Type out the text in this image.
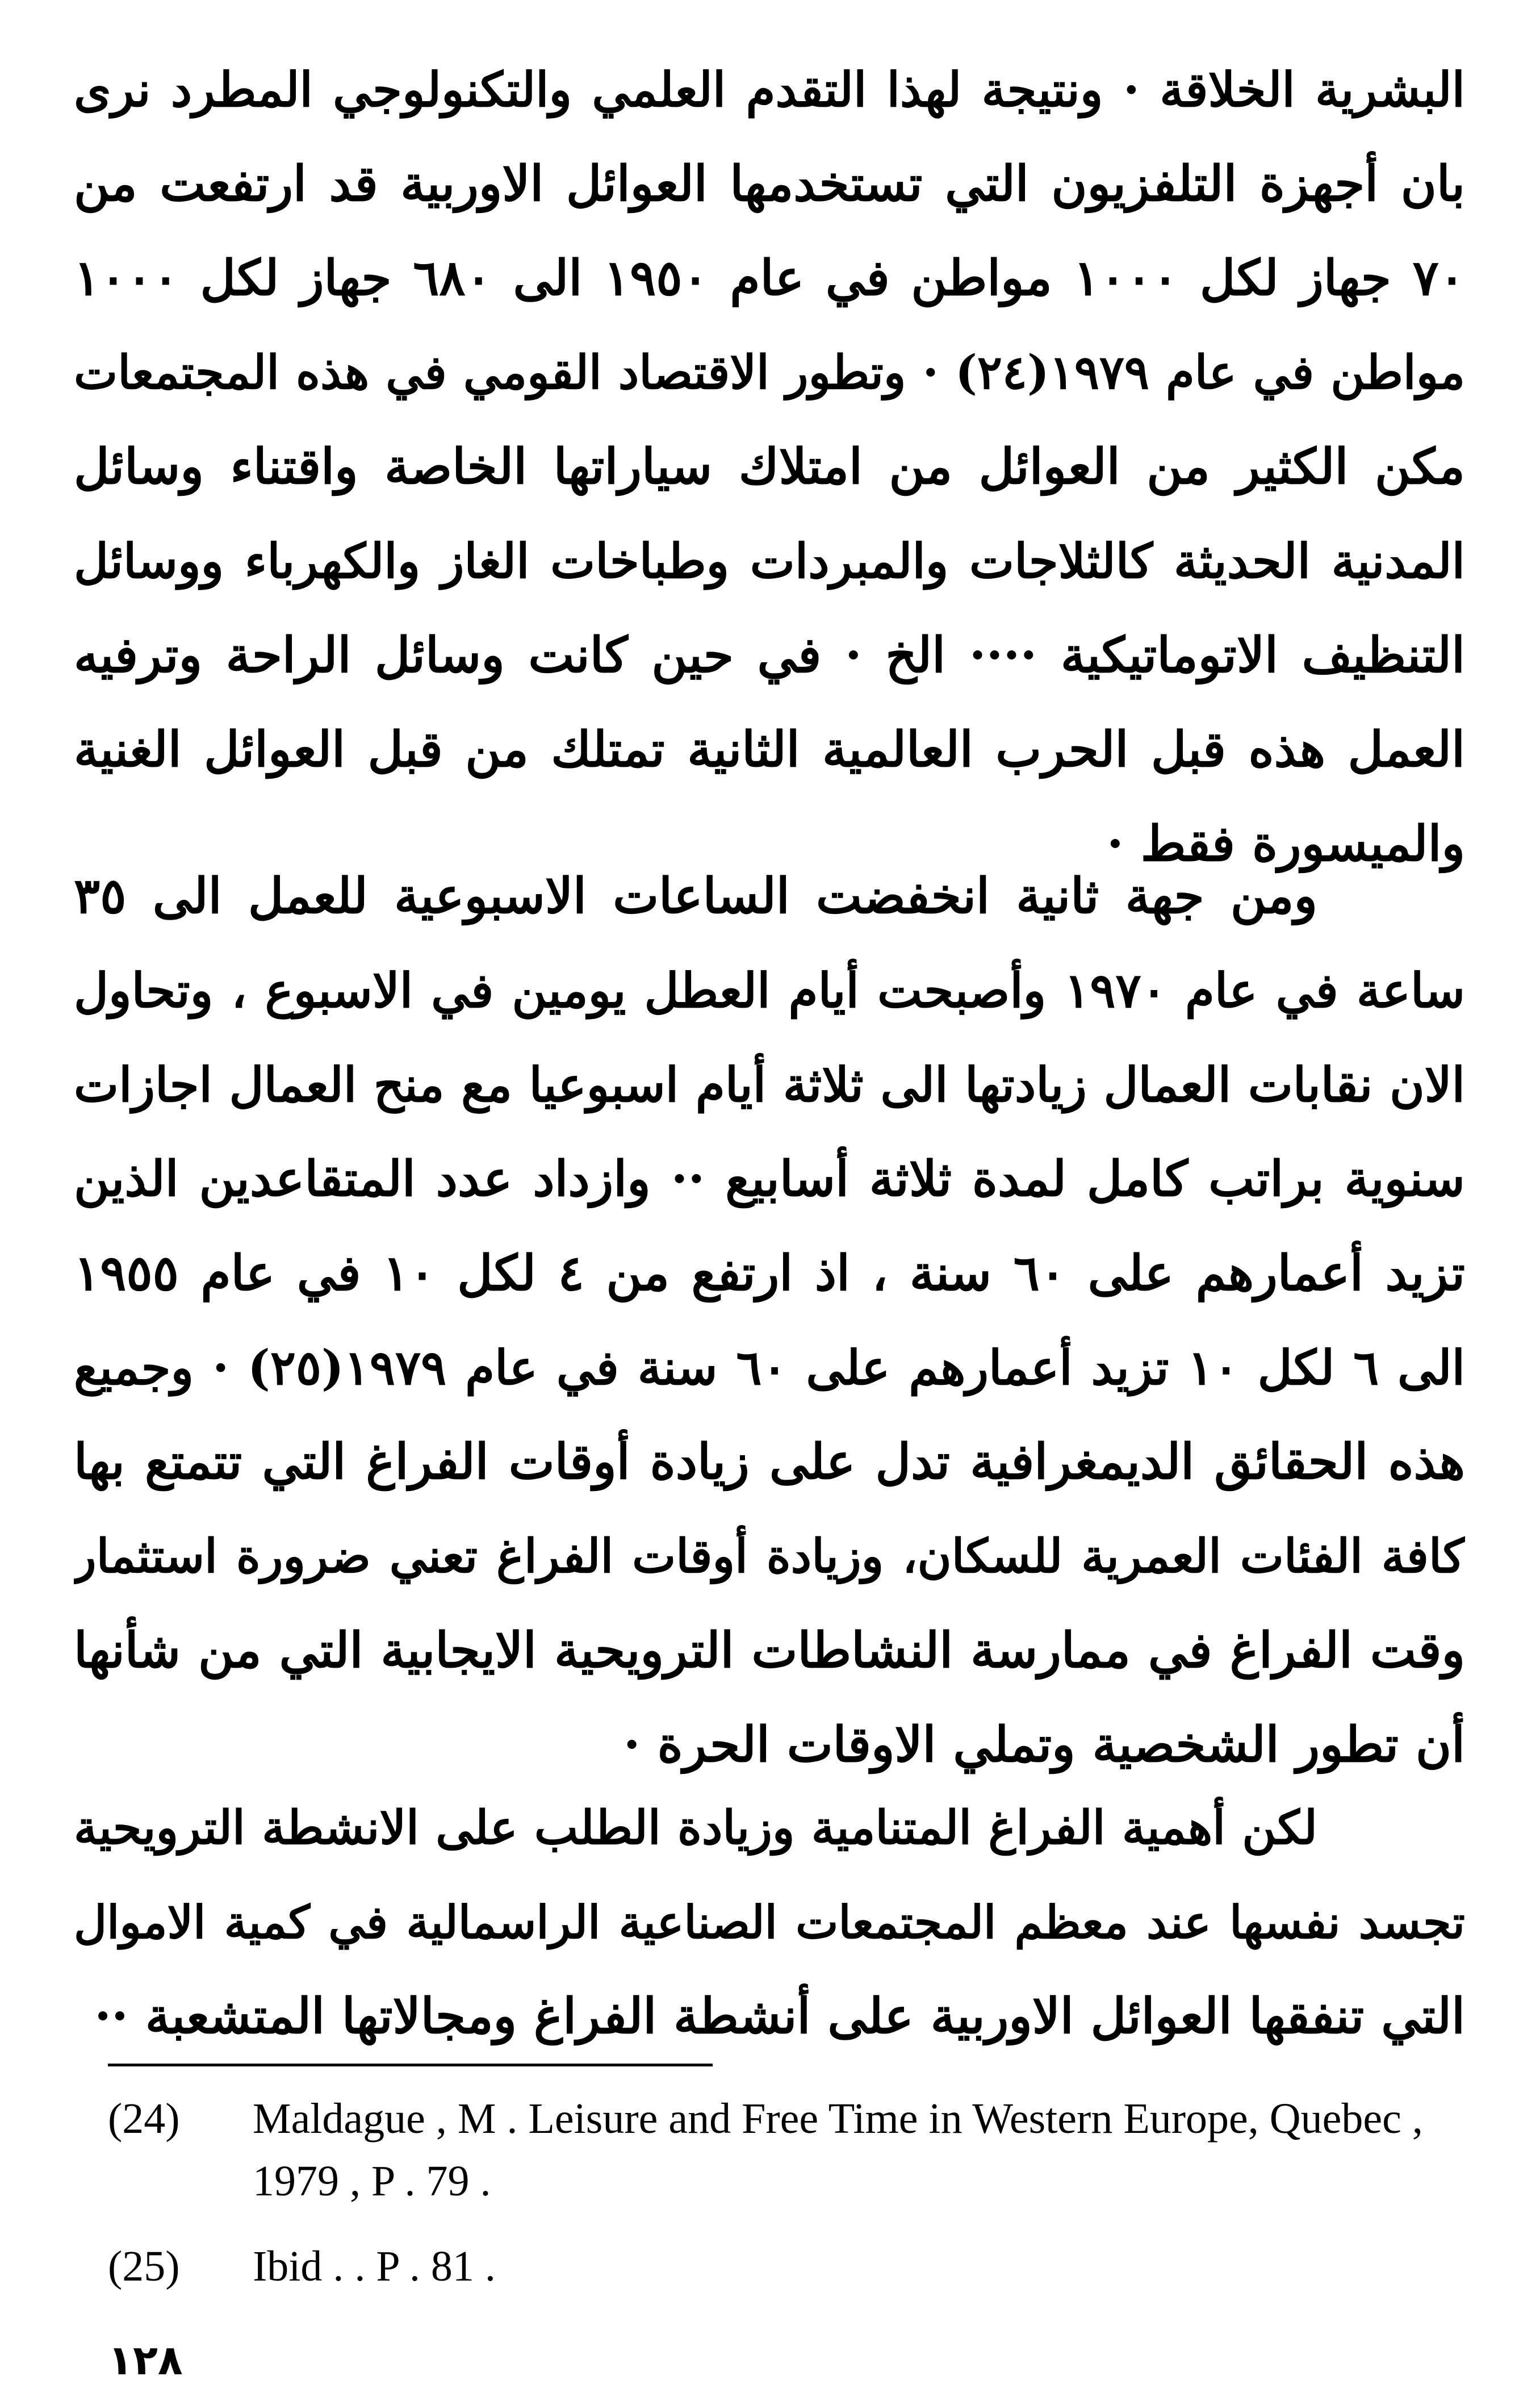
البشرية الخلاقة · ونتيجة لهذا التقدم العلمي والتكنولوجي المطرد نرى
بان أجهزة التلفزيون التي تستخدمها العوائل الاوربية قد ارتفعت من
٧٠ جهاز لكل ١٠٠٠ مواطن في عام ١٩٥٠ الى ٦٨٠ جهاز لكل ١٠٠٠
مواطن في عام ١٩٧٩(٢٤) · وتطور الاقتصاد القومي في هذه المجتمعات
مكن الكثير من العوائل من امتلاك سياراتها الخاصة واقتناء وسائل
المدنية الحديثة كالثلاجات والمبردات وطباخات الغاز والكهرباء ووسائل
التنظيف الاتوماتيكية ···· الخ · في حين كانت وسائل الراحة وترفيه
العمل هذه قبل الحرب العالمية الثانية تمتلك من قبل العوائل الغنية
والميسورة فقط ·
ومن جهة ثانية انخفضت الساعات الاسبوعية للعمل الى ٣٥
ساعة في عام ١٩٧٠ وأصبحت أيام العطل يومين في الاسبوع ، وتحاول
الان نقابات العمال زيادتها الى ثلاثة أيام اسبوعيا مع منح العمال اجازات
سنوية براتب كامل لمدة ثلاثة أسابيع ·· وازداد عدد المتقاعدين الذين
تزيد أعمارهم على ٦٠ سنة ، اذ ارتفع من ٤ لكل ١٠ في عام ١٩٥٥
الى ٦ لكل ١٠ تزيد أعمارهم على ٦٠ سنة في عام ١٩٧٩(٢٥) · وجميع
هذه الحقائق الديمغرافية تدل على زيادة أوقات الفراغ التي تتمتع بها
كافة الفئات العمرية للسكان، وزيادة أوقات الفراغ تعني ضرورة استثمار
وقت الفراغ في ممارسة النشاطات الترويحية الايجابية التي من شأنها
أن تطور الشخصية وتملي الاوقات الحرة ·
لكن أهمية الفراغ المتنامية وزيادة الطلب على الانشطة الترويحية
تجسد نفسها عند معظم المجتمعات الصناعية الراسمالية في كمية الاموال
التي تنفقها العوائل الاوربية على أنشطة الفراغ ومجالاتها المتشعبة ··
(24) Maldague , M . Leisure and Free Time in Western Europe, Quebec , 1979 , P . 79 .
(25) Ibid . . P . 81 .
١٢٨
